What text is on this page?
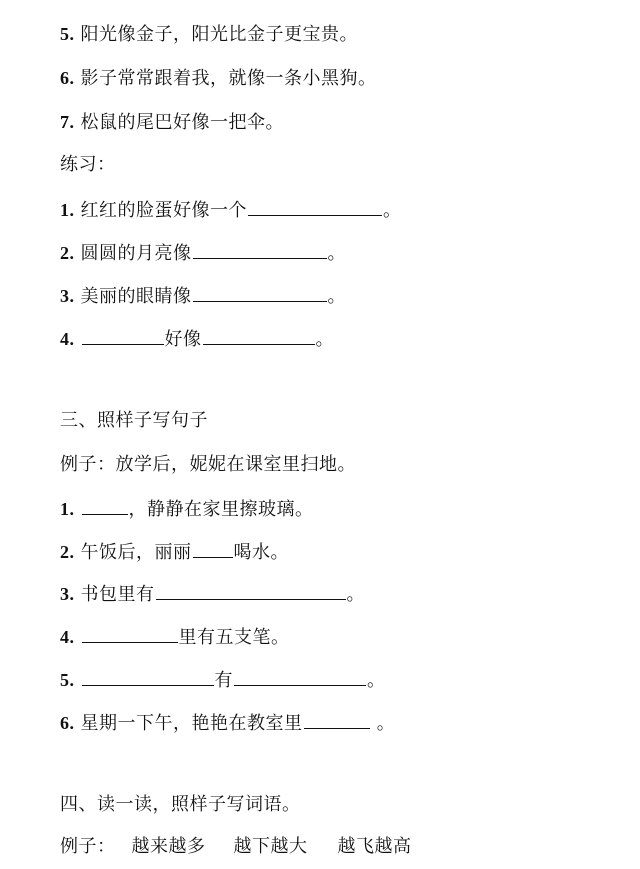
5. 阳光像金子，阳光比金子更宝贵。
6. 影子常常跟着我，就像一条小黑狗。
7. 松鼠的尾巴好像一把伞。
练习：
1. 红红的脸蛋好像一个	。
2. 圆圆的月亮像	。
3. 美丽的眼睛像	。
4.	好像	。
三、照样子写句子
例子：放学后，妮妮在课室里扫地。
1.	，静静在家里擦玻璃。
2. 午饭后，丽丽 喝水。
3. 书包里有	。
4.	里有五支笔。
5.	有	。
6. 星期一下午，艳艳在教室里	。
四、读一读，照样子写词语。
例子： 越来越多 越下越大 越飞越高
